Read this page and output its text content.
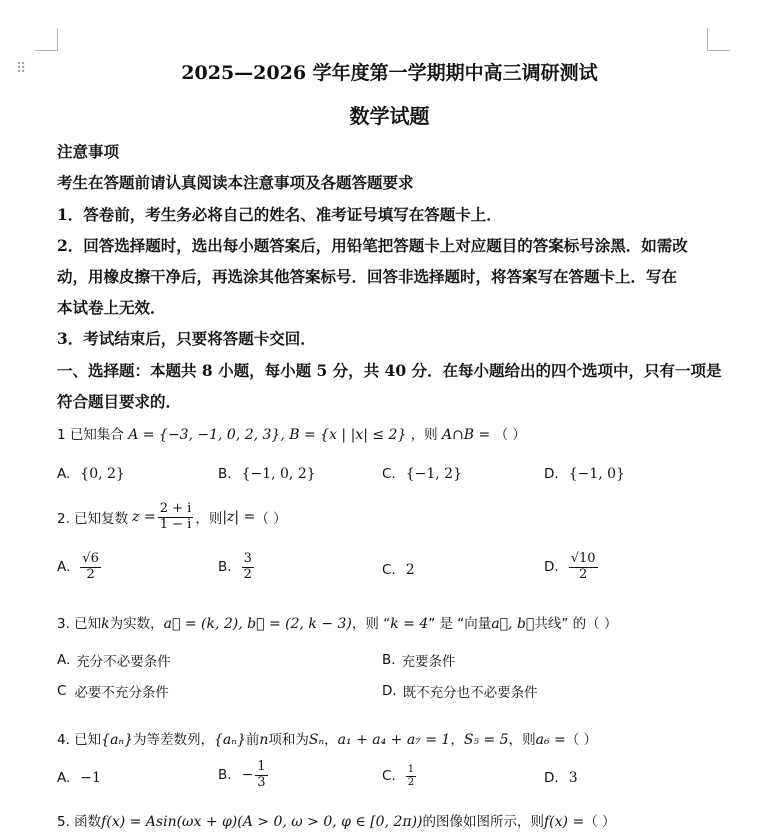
⠿	2025—2026 学年度第一学期期中高三调研测试
数学试题
注意事项
考生在答题前请认真阅读本注意事项及各题答题要求
1．答卷前，考生务必将自己的姓名、准考证号填写在答题卡上．
2．回答选择题时，选出每小题答案后，用铅笔把答题卡上对应题目的答案标号涂黑．如需改
动，用橡皮擦干净后，再选涂其他答案标号．回答非选择题时，将答案写在答题卡上．写在
本试卷上无效．
3．考试结束后，只要将答题卡交回．
一、选择题：本题共 8 小题，每小题 5 分，共 40 分．在每小题给出的四个选项中，只有一项是
符合题目要求的．
1 已知集合 A = {−3, −1, 0, 2, 3}, B = {x | |x| ≤ 2} ，则 A∩B = （ ）
A. {0, 2}	B. {−1, 0, 2}	C. {−1, 2}	D. {−1, 0}
2. 已知复数 $z = \frac{2 + i}{1 - i}$ ，则 |z| = （ ）
A. $\frac{√6}{2}$	B. $\frac{3}{2}$	C. 2	D. $\frac{√10}{2}$
3. 已知k为实数，a⃗ = (k, 2), b⃗ = (2, k − 3)，则 “k = 4” 是 “向量a⃗, b⃗共线” 的（ ）
A. 充分不必要条件	B. 充要条件
C 必要不充分条件	D. 既不充分也不必要条件
4. 已知{aₙ}为等差数列，{aₙ}前n项和为Sₙ，a₁ + a₄ + a₇ = 1，S₅ = 5，则a₆ =（ ）
A. −1	B. − $\frac{1}{3}$	C. $\frac{1}{2}$	D. 3
5. 函数f(x) = Asin(ωx + φ)(A > 0, ω > 0, φ ∈ [0, 2π))的图像如图所示，则f(x) =（ ）
